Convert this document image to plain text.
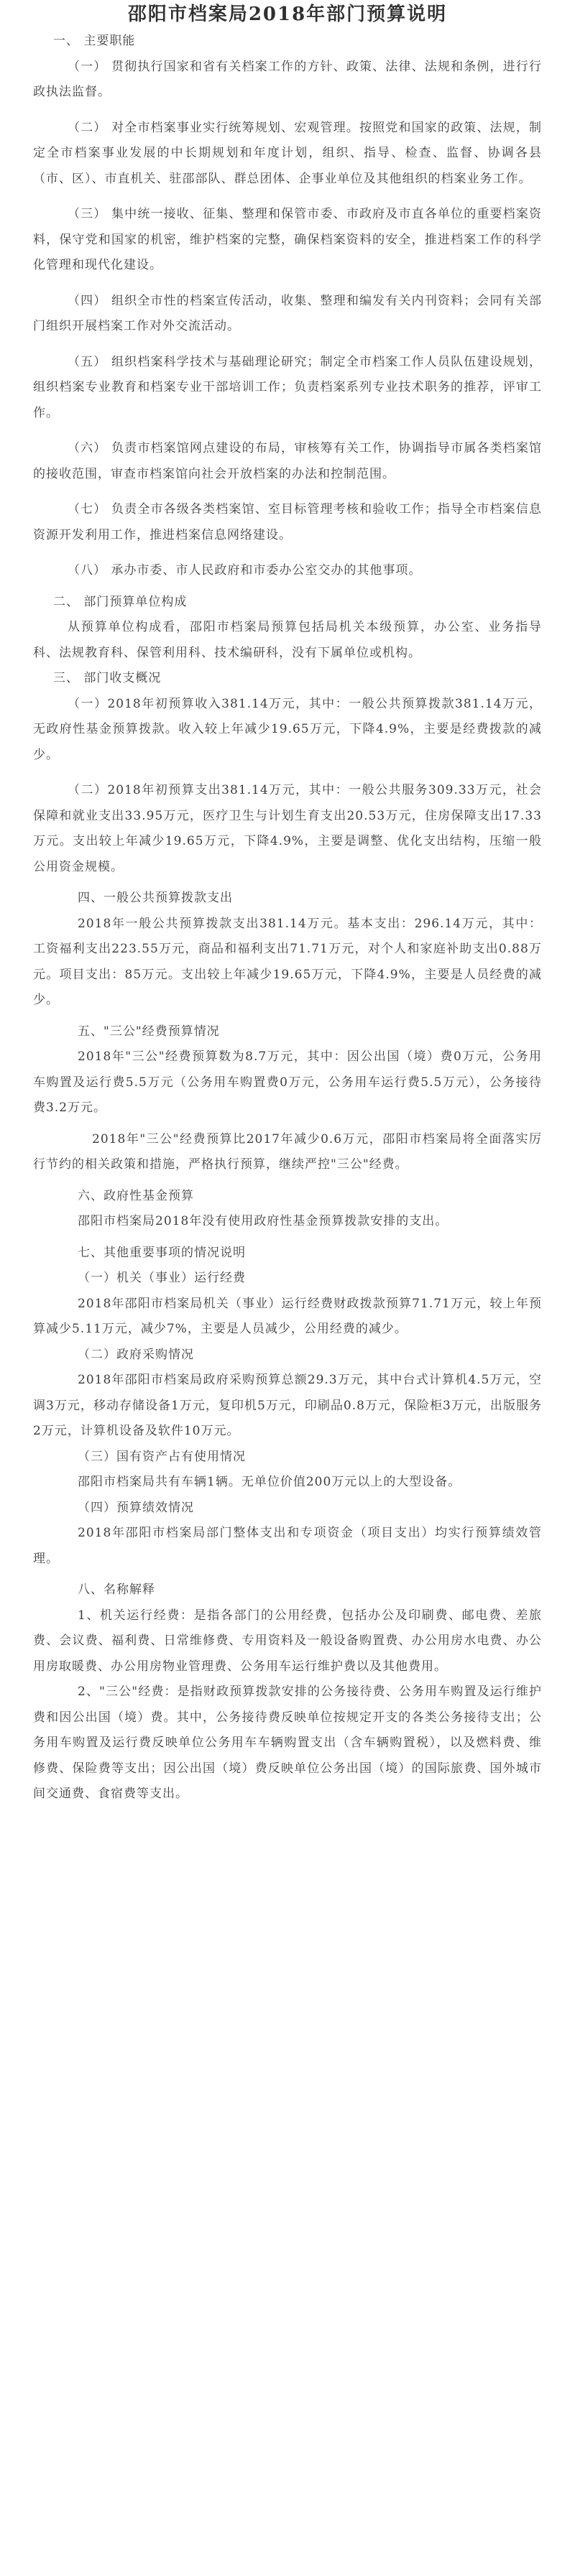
邵阳市档案局2018年部门预算说明

一、 主要职能

（一） 贯彻执行国家和省有关档案工作的方针、政策、法律、法规和条例，进行行政执法监督。

（二） 对全市档案事业实行统筹规划、宏观管理。按照党和国家的政策、法规，制定全市档案事业发展的中长期规划和年度计划，组织、指导、检查、监督、协调各县（市、区）、市直机关、驻邵部队、群总团体、企事业单位及其他组织的档案业务工作。

（三） 集中统一接收、征集、整理和保管市委、市政府及市直各单位的重要档案资料，保守党和国家的机密，维护档案的完整，确保档案资料的安全，推进档案工作的科学化管理和现代化建设。

（四） 组织全市性的档案宣传活动，收集、整理和编发有关内刊资料；会同有关部门组织开展档案工作对外交流活动。

（五） 组织档案科学技术与基础理论研究；制定全市档案工作人员队伍建设规划，组织档案专业教育和档案专业干部培训工作；负责档案系列专业技术职务的推荐，评审工作。

（六） 负责市档案馆网点建设的布局，审核筹有关工作，协调指导市属各类档案馆的接收范围，审查市档案馆向社会开放档案的办法和控制范围。

（七） 负责全市各级各类档案馆、室目标管理考核和验收工作；指导全市档案信息资源开发利用工作，推进档案信息网络建设。

（八） 承办市委、市人民政府和市委办公室交办的其他事项。

二、 部门预算单位构成

从预算单位构成看，邵阳市档案局预算包括局机关本级预算，办公室、业务指导科、法规教育科、保管利用科、技术编研科，没有下属单位或机构。

三、 部门收支概况

（一）2018年初预算收入381.14万元，其中：一般公共预算拨款381.14万元，无政府性基金预算拨款。收入较上年减少19.65万元，下降4.9%，主要是经费拨款的减少。

（二）2018年初预算支出381.14万元，其中：一般公共服务309.33万元，社会保障和就业支出33.95万元，医疗卫生与计划生育支出20.53万元，住房保障支出17.33万元。支出较上年减少19.65万元，下降4.9%，主要是调整、优化支出结构，压缩一般公用资金规模。

四、一般公共预算拨款支出

2018年一般公共预算拨款支出381.14万元。基本支出：296.14万元，其中：工资福利支出223.55万元，商品和福利支出71.71万元，对个人和家庭补助支出0.88万元。项目支出：85万元。支出较上年减少19.65万元，下降4.9%，主要是人员经费的减少。

五、"三公"经费预算情况

2018年"三公"经费预算数为8.7万元，其中：因公出国（境）费0万元，公务用车购置及运行费5.5万元（公务用车购置费0万元，公务用车运行费5.5万元），公务接待费3.2万元。

2018年"三公"经费预算比2017年减少0.6万元，邵阳市档案局将全面落实厉行节约的相关政策和措施，严格执行预算，继续严控"三公"经费。

六、政府性基金预算

邵阳市档案局2018年没有使用政府性基金预算拨款安排的支出。

七、其他重要事项的情况说明

（一）机关（事业）运行经费

2018年邵阳市档案局机关（事业）运行经费财政拨款预算71.71万元，较上年预算减少5.11万元，减少7%，主要是人员减少，公用经费的减少。

（二）政府采购情况

2018年邵阳市档案局政府采购预算总额29.3万元，其中台式计算机4.5万元，空调3万元，移动存储设备1万元，复印机5万元，印刷品0.8万元，保险柜3万元，出版服务2万元，计算机设备及软件10万元。

（三）国有资产占有使用情况

邵阳市档案局共有车辆1辆。无单位价值200万元以上的大型设备。

（四）预算绩效情况

2018年邵阳市档案局部门整体支出和专项资金（项目支出）均实行预算绩效管理。

八、名称解释

1、机关运行经费：是指各部门的公用经费，包括办公及印刷费、邮电费、差旅费、会议费、福利费、日常维修费、专用资料及一般设备购置费、办公用房水电费、办公用房取暖费、办公用房物业管理费、公务用车运行维护费以及其他费用。

2、"三公"经费：是指财政预算拨款安排的公务接待费、公务用车购置及运行维护费和因公出国（境）费。其中，公务接待费反映单位按规定开支的各类公务接待支出；公务用车购置及运行费反映单位公务用车车辆购置支出（含车辆购置税），以及燃料费、维修费、保险费等支出；因公出国（境）费反映单位公务出国（境）的国际旅费、国外城市间交通费、食宿费等支出。
